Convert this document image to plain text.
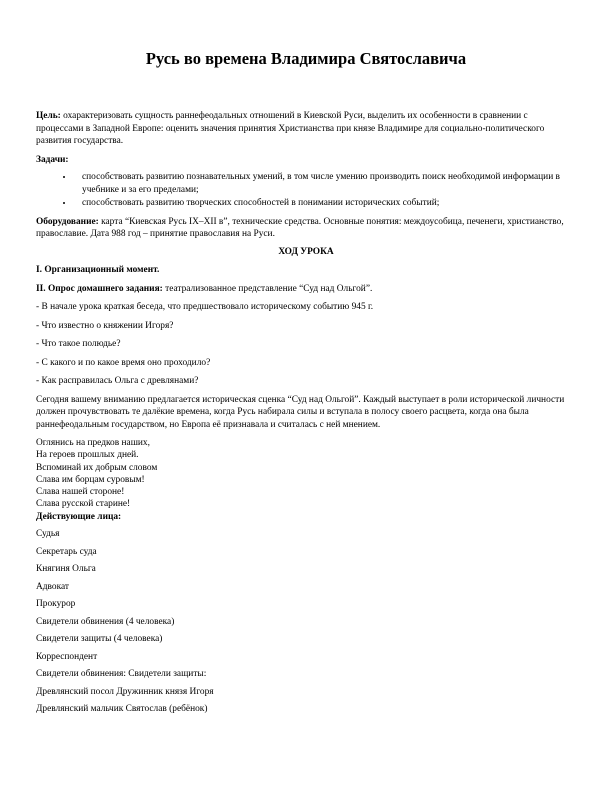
Русь во времена Владимира Святославича

Цель: охарактеризовать сущность раннефеодальных отношений в Киевской Руси, выделить их особенности в сравнении с процессами в Западной Европе: оценить значения принятия Христианства при князе Владимире для социально-политического развития государства.

Задачи:

• способствовать развитию познавательных умений, в том числе умению производить поиск необходимой информации в учебнике и за его пределами;
• способствовать развитию творческих способностей в понимании исторических событий;

Оборудование: карта “Киевская Русь IX–XII в”, технические средства. Основные понятия: междоусобица, печенеги, христианство, православие. Дата 988 год – принятие православия на Руси.

ХОД УРОКА

I. Организационный момент.

II. Опрос домашнего задания: театрализованное представление “Суд над Ольгой”.

- В начале урока краткая беседа, что предшествовало историческому событию 945 г.

- Что известно о княжении Игоря?

- Что такое полюдье?

- С какого и по какое время оно проходило?

- Как расправилась Ольга с древлянами?

Сегодня вашему вниманию предлагается историческая сценка “Суд над Ольгой”. Каждый выступает в роли исторической личности должен прочувствовать те далёкие времена, когда Русь набирала силы и вступала в полосу своего расцвета, когда она была раннефеодальным государством, но Европа её признавала и считалась с ней мнением.

Оглянись на предков наших,

На героев прошлых дней.

Вспоминай их добрым словом

Слава им борцам суровым!

Слава нашей стороне!

Слава русской старине!

Действующие лица:

Судья

Секретарь суда

Княгиня Ольга

Адвокат

Прокурор

Свидетели обвинения (4 человека)

Свидетели защиты (4 человека)

Корреспондент

Свидетели обвинения: Свидетели защиты:

Древлянский посол Дружинник князя Игоря

Древлянский мальчик Святослав (ребёнок)
